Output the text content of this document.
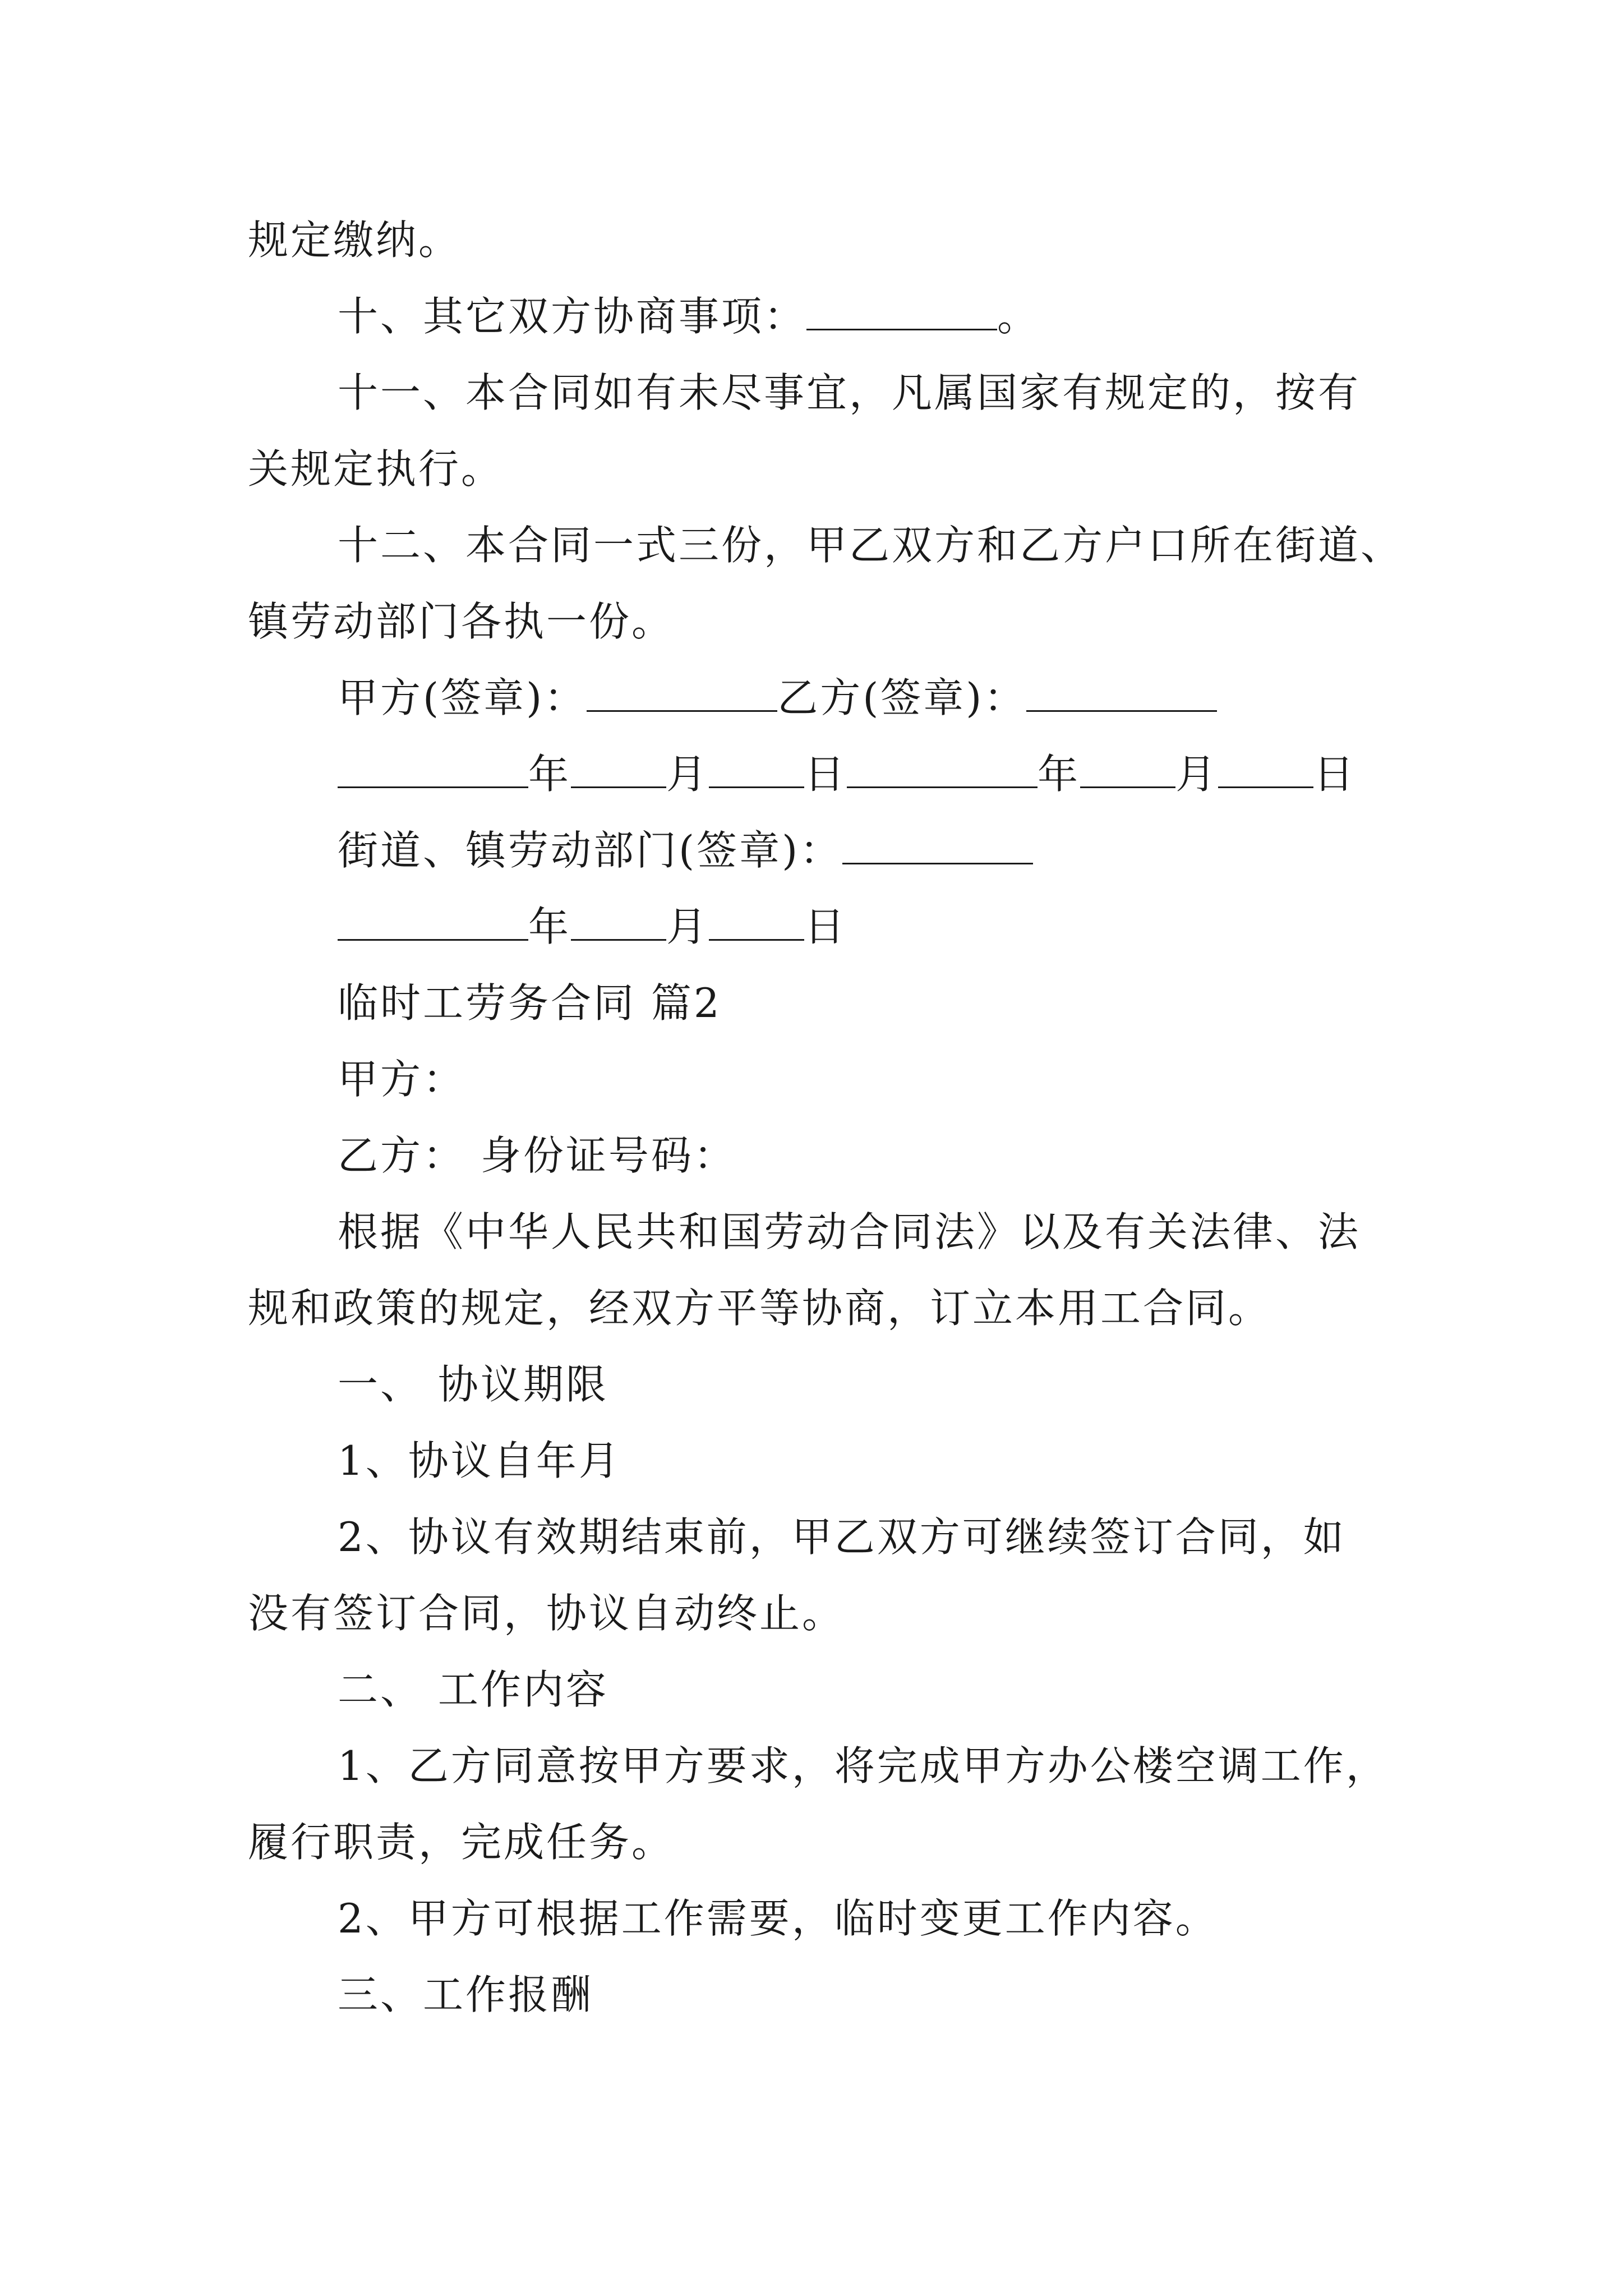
规定缴纳。
十、其它双方协商事项：	。
十一、本合同如有未尽事宜，凡属国家有规定的，按有
关规定执行。
十二、本合同一式三份，甲乙双方和乙方户口所在街道、
镇劳动部门各执一份。
甲方(签章)：	乙方(签章)：
年 月 日	年 月 日
街道、镇劳动部门(签章)：
年 月 日
临时工劳务合同 篇2
甲方：
乙方： 身份证号码：
根据《中华人民共和国劳动合同法》以及有关法律、法
规和政策的规定，经双方平等协商，订立本用工合同。
一、 协议期限
1、协议自年月
2、协议有效期结束前，甲乙双方可继续签订合同，如
没有签订合同，协议自动终止。
二、 工作内容
1、乙方同意按甲方要求，将完成甲方办公楼空调工作，
履行职责，完成任务。
2、甲方可根据工作需要，临时变更工作内容。
三、工作报酬
